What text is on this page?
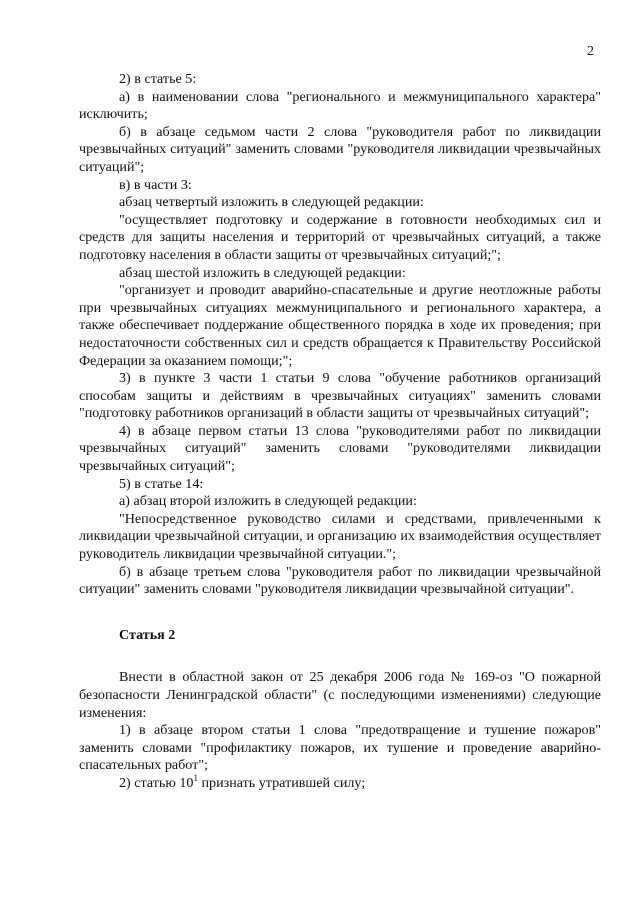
2

2) в статье 5:

а) в наименовании слова "регионального и межмуниципального характера" исключить;

б) в абзаце седьмом части 2 слова "руководителя работ по ликвидации чрезвычайных ситуаций" заменить словами "руководителя ликвидации чрезвычайных ситуаций";

в) в части 3:

абзац четвертый изложить в следующей редакции:

"осуществляет подготовку и содержание в готовности необходимых сил и средств для защиты населения и территорий от чрезвычайных ситуаций, а также подготовку населения в области защиты от чрезвычайных ситуаций;";

абзац шестой изложить в следующей редакции:

"организует и проводит аварийно-спасательные и другие неотложные работы при чрезвычайных ситуациях межмуниципального и регионального характера, а также обеспечивает поддержание общественного порядка в ходе их проведения; при недостаточности собственных сил и средств обращается к Правительству Российской Федерации за оказанием помощи;";

3) в пункте 3 части 1 статьи 9 слова "обучение работников организаций способам защиты и действиям в чрезвычайных ситуациях" заменить словами "подготовку работников организаций в области защиты от чрезвычайных ситуаций";

4) в абзаце первом статьи 13 слова "руководителями работ по ликвидации чрезвычайных ситуаций" заменить словами "руководителями ликвидации чрезвычайных ситуаций";

5) в статье 14:

а) абзац второй изложить в следующей редакции:

"Непосредственное руководство силами и средствами, привлеченными к ликвидации чрезвычайной ситуации, и организацию их взаимодействия осуществляет руководитель ликвидации чрезвычайной ситуации.";

б) в абзаце третьем слова "руководителя работ по ликвидации чрезвычайной ситуации" заменить словами "руководителя ликвидации чрезвычайной ситуации".

Статья 2

Внести в областной закон от 25 декабря 2006 года № 169-оз "О пожарной безопасности Ленинградской области" (с последующими изменениями) следующие изменения:

1) в абзаце втором статьи 1 слова "предотвращение и тушение пожаров" заменить словами "профилактику пожаров, их тушение и проведение аварийно-спасательных работ";

2) статью $10^1$ признать утратившей силу;
